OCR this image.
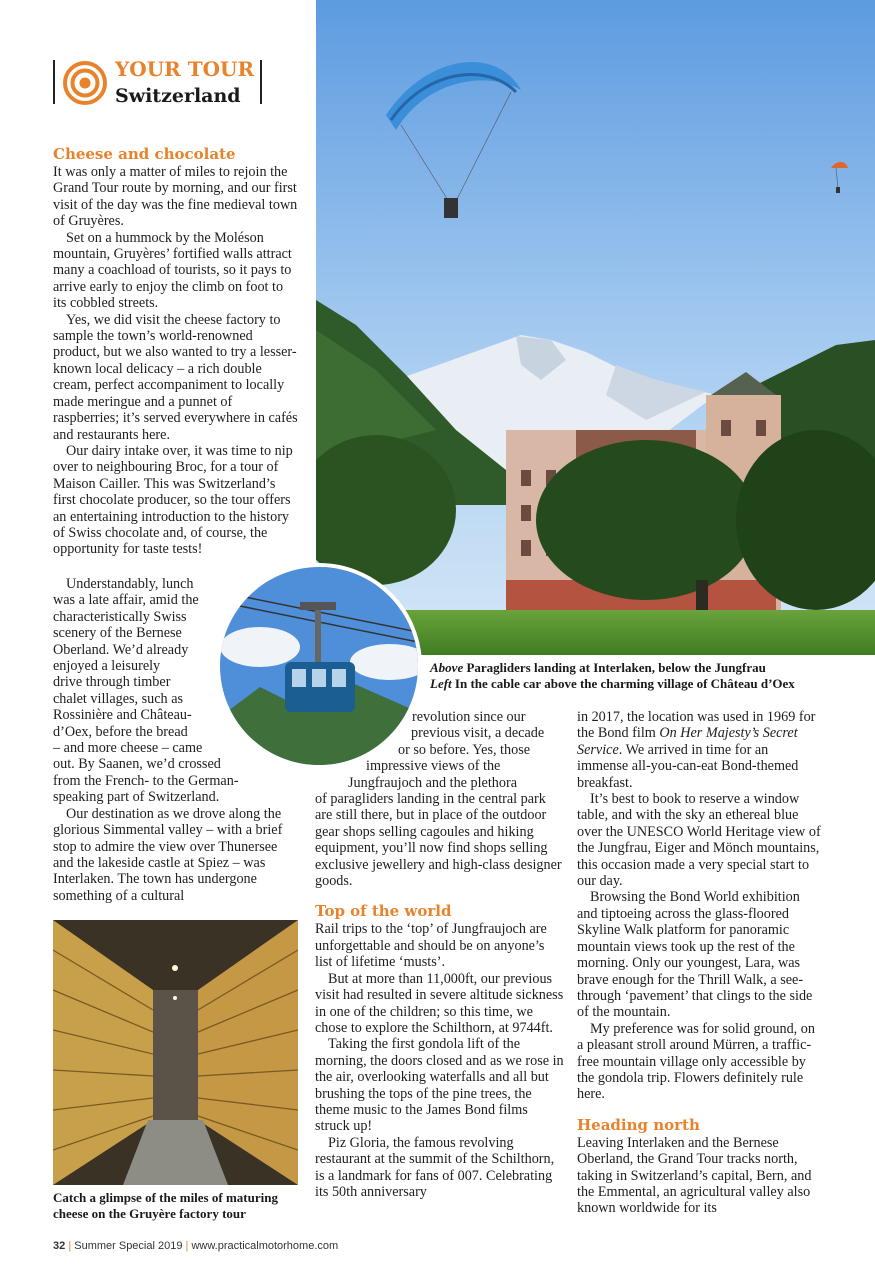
YOUR TOUR
Switzerland
Cheese and chocolate

It was only a matter of miles to rejoin the Grand Tour route by morning, and our first visit of the day was the fine medieval town of Gruyères.

Set on a hummock by the Moléson mountain, Gruyères’ fortified walls attract many a coachload of tourists, so it pays to arrive early to enjoy the climb on foot to its cobbled streets.

Yes, we did visit the cheese factory to sample the town’s world-renowned product, but we also wanted to try a lesser-known local delicacy – a rich double cream, perfect accompaniment to locally made meringue and a punnet of raspberries; it’s served everywhere in cafés and restaurants here.

Our dairy intake over, it was time to nip over to neighbouring Broc, for a tour of Maison Cailler. This was Switzerland’s first chocolate producer, so the tour offers an entertaining introduction to the history of Swiss chocolate and, of course, the opportunity for taste tests!

Understandably, lunch
was a late affair, amid the
characteristically Swiss
scenery of the Bernese
Oberland. We’d already
enjoyed a leisurely
drive through timber
chalet villages, such as
Rossinière and Château-
d’Oex, before the bread
– and more cheese – came
out. By Saanen, we’d crossed
from the French- to the German-
speaking part of Switzerland.

Our destination as we drove along the glorious Simmental valley – with a brief stop to admire the view over Thunersee and the lakeside castle at Spiez – was Interlaken. The town has undergone something of a cultural

Above Paragliders landing at Interlaken, below the Jungfrau
Left In the cable car above the charming village of Château d’Oex
revolution since our
previous visit, a decade
or so before. Yes, those
impressive views of the
Jungfraujoch and the plethora

of paragliders landing in the central park are still there, but in place of the outdoor gear shops selling cagoules and hiking equipment, you’ll now find shops selling exclusive jewellery and high-class designer goods.

Top of the world

Rail trips to the ‘top’ of Jungfraujoch are unforgettable and should be on anyone’s list of lifetime ‘musts’.

But at more than 11,000ft, our previous visit had resulted in severe altitude sickness in one of the children; so this time, we chose to explore the Schilthorn, at 9744ft.

Taking the first gondola lift of the morning, the doors closed and as we rose in the air, overlooking waterfalls and all but brushing the tops of the pine trees, the theme music to the James Bond films struck up!

Piz Gloria, the famous revolving restaurant at the summit of the Schilthorn, is a landmark for fans of 007. Celebrating its 50th anniversary

in 2017, the location was used in 1969 for the Bond film On Her Majesty’s Secret Service. We arrived in time for an immense all-you-can-eat Bond-themed breakfast.

It’s best to book to reserve a window table, and with the sky an ethereal blue over the UNESCO World Heritage view of the Jungfrau, Eiger and Mönch mountains, this occasion made a very special start to our day.

Browsing the Bond World exhibition and tiptoeing across the glass-floored Skyline Walk platform for panoramic mountain views took up the rest of the morning. Only our youngest, Lara, was brave enough for the Thrill Walk, a see-through ‘pavement’ that clings to the side of the mountain.

My preference was for solid ground, on a pleasant stroll around Mürren, a traffic-free mountain village only accessible by the gondola trip. Flowers definitely rule here.

Heading north

Leaving Interlaken and the Bernese Oberland, the Grand Tour tracks north, taking in Switzerland’s capital, Bern, and the Emmental, an agricultural valley also known worldwide for its

Catch a glimpse of the miles of maturing cheese on the Gruyère factory tour
32 | Summer Special 2019 | www.practicalmotorhome.com
